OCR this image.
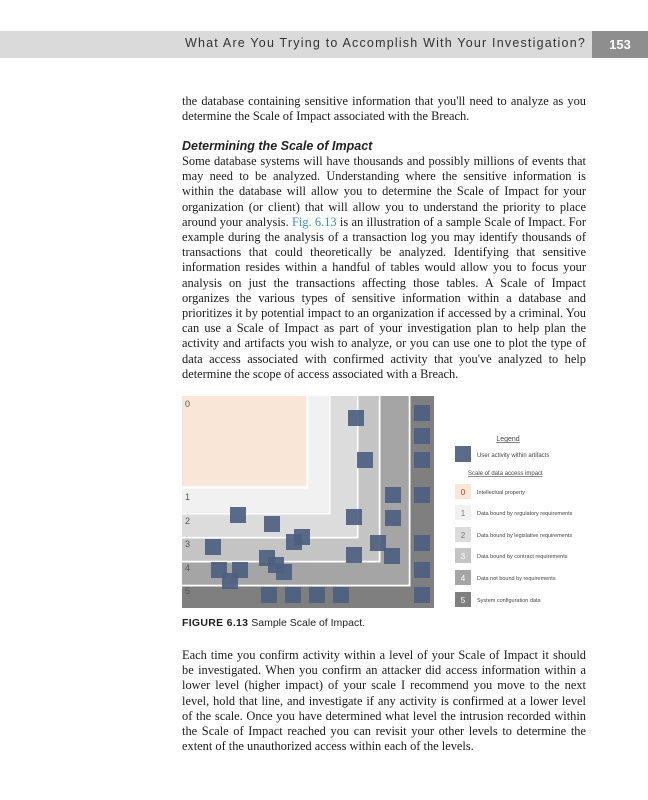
What Are You Trying to Accomplish With Your Investigation?	153

the database containing sensitive information that you'll need to analyze as you determine the Scale of Impact associated with the Breach.

Determining the Scale of Impact

Some database systems will have thousands and possibly millions of events that may need to be analyzed. Understanding where the sensitive information is within the database will allow you to determine the Scale of Impact for your organization (or client) that will allow you to understand the priority to place around your analysis. Fig. 6.13 is an illustration of a sample Scale of Impact. For example during the analysis of a transaction log you may identify thousands of transactions that could theoretically be analyzed. Identifying that sensitive information resides within a handful of tables would allow you to focus your analysis on just the transactions affecting those tables. A Scale of Impact organizes the various types of sensitive information within a database and prioritizes it by potential impact to an organization if accessed by a criminal. You can use a Scale of Impact as part of your investigation plan to help plan the activity and artifacts you wish to analyze, or you can use one to plot the type of data access associated with confirmed activity that you've analyzed to help determine the scope of access associated with a Breach.

0
1
2
3
4
5
Legend
User activity within artifacts
Scale of data access impact
0 Intellectual property
1 Data bound by regulatory requirements
2 Data bound by legislative requirements
3 Data bound by contract requirements
4 Data not bound by requirements
5 System configuration data
FIGURE 6.13 Sample Scale of Impact.

Each time you confirm activity within a level of your Scale of Impact it should be investigated. When you confirm an attacker did access information within a lower level (higher impact) of your scale I recommend you move to the next level, hold that line, and investigate if any activity is confirmed at a lower level of the scale. Once you have determined what level the intrusion recorded within the Scale of Impact reached you can revisit your other levels to determine the extent of the unauthorized access within each of the levels.
